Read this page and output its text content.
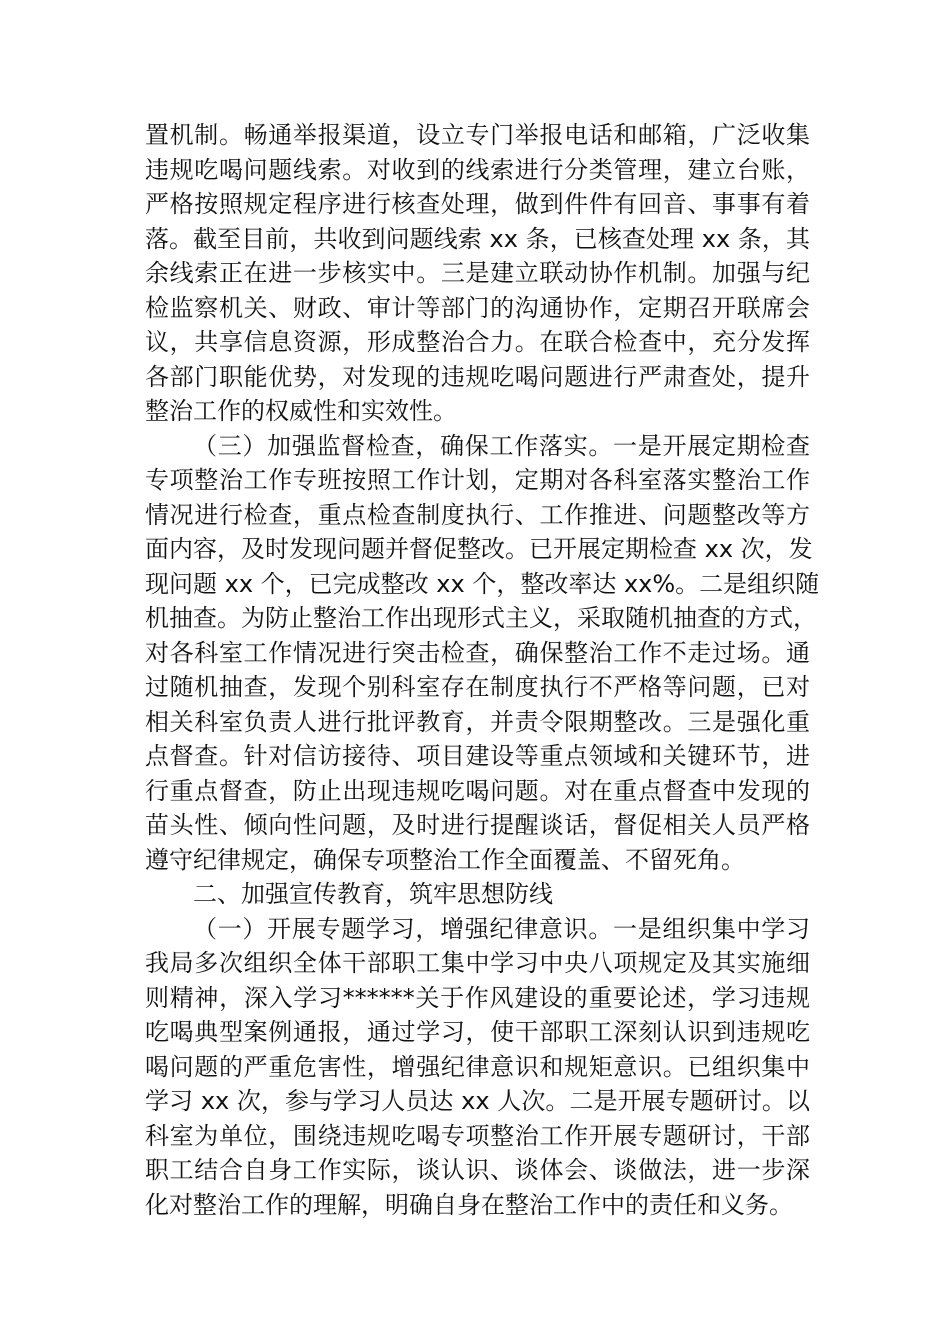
置机制。畅通举报渠道，设立专门举报电话和邮箱，广泛收集
违规吃喝问题线索。对收到的线索进行分类管理，建立台账，
严格按照规定程序进行核查处理，做到件件有回音、事事有着
落。截至目前，共收到问题线索 xx 条，已核查处理 xx 条，其
余线索正在进一步核实中。三是建立联动协作机制。加强与纪
检监察机关、财政、审计等部门的沟通协作，定期召开联席会
议，共享信息资源，形成整治合力。在联合检查中，充分发挥
各部门职能优势，对发现的违规吃喝问题进行严肃查处，提升
整治工作的权威性和实效性。
（三）加强监督检查，确保工作落实。一是开展定期检查
专项整治工作专班按照工作计划，定期对各科室落实整治工作
情况进行检查，重点检查制度执行、工作推进、问题整改等方
面内容，及时发现问题并督促整改。已开展定期检查 xx 次，发
现问题 xx 个，已完成整改 xx 个，整改率达 xx%。二是组织随
机抽查。为防止整治工作出现形式主义，采取随机抽查的方式，
对各科室工作情况进行突击检查，确保整治工作不走过场。通
过随机抽查，发现个别科室存在制度执行不严格等问题，已对
相关科室负责人进行批评教育，并责令限期整改。三是强化重
点督查。针对信访接待、项目建设等重点领域和关键环节，进
行重点督查，防止出现违规吃喝问题。对在重点督查中发现的
苗头性、倾向性问题，及时进行提醒谈话，督促相关人员严格
遵守纪律规定，确保专项整治工作全面覆盖、不留死角。
二、加强宣传教育，筑牢思想防线
（一）开展专题学习，增强纪律意识。一是组织集中学习
我局多次组织全体干部职工集中学习中央八项规定及其实施细
则精神，深入学习******关于作风建设的重要论述，学习违规
吃喝典型案例通报，通过学习，使干部职工深刻认识到违规吃
喝问题的严重危害性，增强纪律意识和规矩意识。已组织集中
学习 xx 次，参与学习人员达 xx 人次。二是开展专题研讨。以
科室为单位，围绕违规吃喝专项整治工作开展专题研讨，干部
职工结合自身工作实际，谈认识、谈体会、谈做法，进一步深
化对整治工作的理解，明确自身在整治工作中的责任和义务。
